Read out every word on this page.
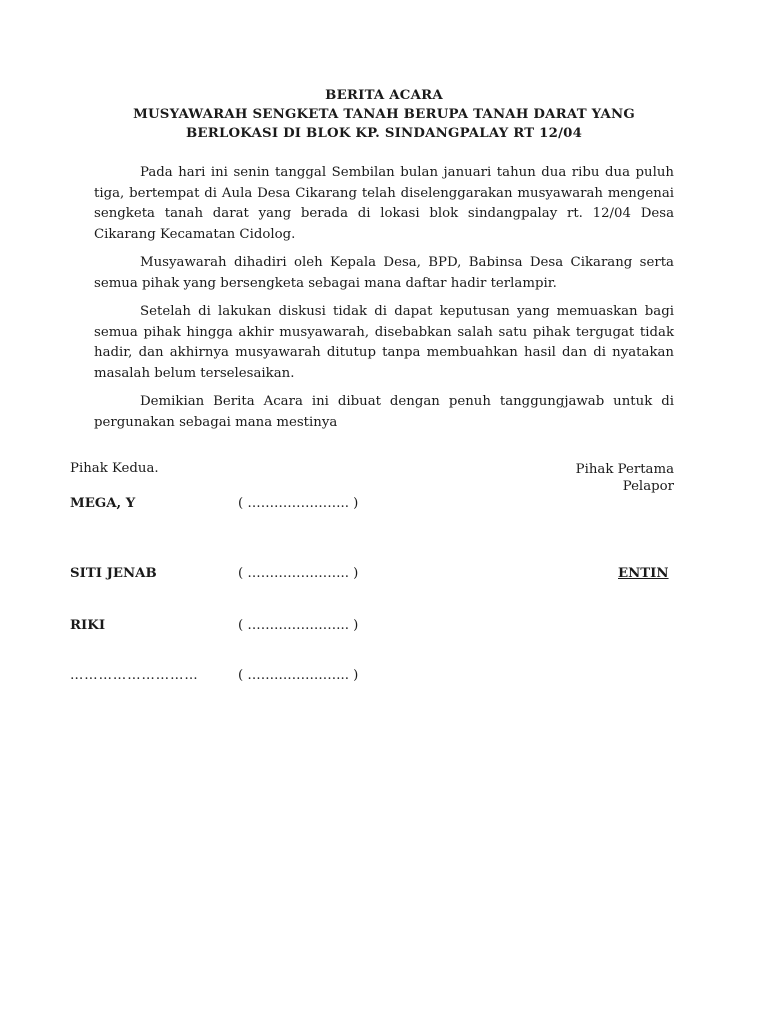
BERITA ACARA
MUSYAWARAH SENGKETA TANAH BERUPA TANAH DARAT YANG
BERLOKASI DI BLOK KP. SINDANGPALAY RT 12/04

Pada hari ini senin tanggal Sembilan bulan januari tahun dua ribu dua puluh tiga, bertempat di Aula Desa Cikarang telah diselenggarakan musyawarah mengenai sengketa tanah darat yang berada di lokasi blok sindangpalay rt. 12/04 Desa Cikarang Kecamatan Cidolog.

Musyawarah dihadiri oleh Kepala Desa, BPD, Babinsa Desa Cikarang serta semua pihak yang bersengketa sebagai mana daftar hadir terlampir.

Setelah di lakukan diskusi tidak di dapat keputusan yang memuaskan bagi semua pihak hingga akhir musyawarah, disebabkan salah satu pihak tergugat tidak hadir, dan akhirnya musyawarah ditutup tanpa membuahkan hasil dan di nyatakan masalah belum terselesaikan.

Demikian Berita Acara ini dibuat dengan penuh tanggungjawab untuk di pergunakan sebagai mana mestinya

Pihak Kedua.	Pihak Pertama
Pelapor
MEGA, Y	( ………………….. )
SITI JENAB	( ………………….. )	ENTIN
RIKI	( ………………….. )
………………………	( ………………….. )
